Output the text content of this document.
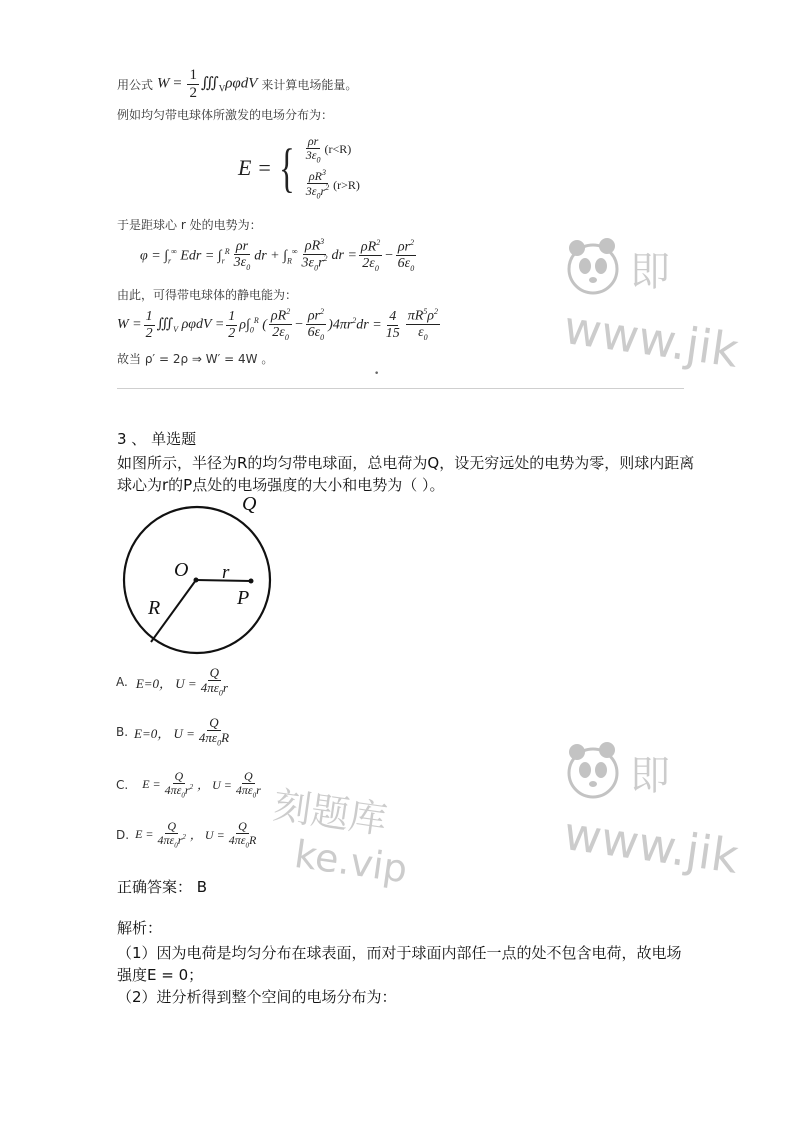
用公式 $W = \frac{1}{2}$ $∭_V\rho\varphi dV$ 来计算电场能量。
例如均匀带电球体所激发的电场分布为：
E = { $\frac{\rho r}{3\varepsilon_0} (r<R)$
$\frac{\rho R^3}{3\varepsilon_0r^2} (r>R)$
于是距球心 r 处的电势为：
$\varphi = \int_r^\infty$ Edr = $\int_r^R \frac{\rho r}{3\varepsilon_0}$ dr + $\int_R^\infty \frac{\rho R^3}{3\varepsilon_0r^2}$ dr = $\frac{\rho R^2}{2\varepsilon_0} - \frac{\rho r^2}{6\varepsilon_0}$
由此，可得带电球体的静电能为：
$W = \frac{1}{2}$ $∭_V$ $\rho\varphi dV = \frac{1}{2} \rho\int_0^R$ ( $\frac{\rho R^2}{2\varepsilon_0} - \frac{\rho r^2}{6\varepsilon_0} )4\pi r^2dr = \frac{4}{15} \frac{\pi R^5\rho^2}{\varepsilon_0}$
故当 ρ′ = 2ρ ⇒ W′ = 4W 。
•
3 、 单选题
如图所示，半径为R的均匀带电球面，总电荷为Q，设无穷远处的电势为零，则球内距离
球心为r的P点处的电场强度的大小和电势为（ ）。
Q
O r
P
R
A. E=0， $U = \frac{Q}{4\pi\varepsilon_0r}$
B. E=0， $U = \frac{Q}{4\pi\varepsilon_0R}$
C. $E = \frac{Q}{4\pi\varepsilon_0r^2}$ ， $U = \frac{Q}{4\pi\varepsilon_0r}$
D. $E = \frac{Q}{4\pi\varepsilon_0r^2}$ ， $U = \frac{Q}{4\pi\varepsilon_0R}$
正确答案： B
解析：
（1）因为电荷是均匀分布在球表面，而对于球面内部任一点的处不包含电荷，故电场
强度E = 0；
（2）进分析得到整个空间的电场分布为：
即
www.jik
即
www.jik
刻题库
ke.vip
